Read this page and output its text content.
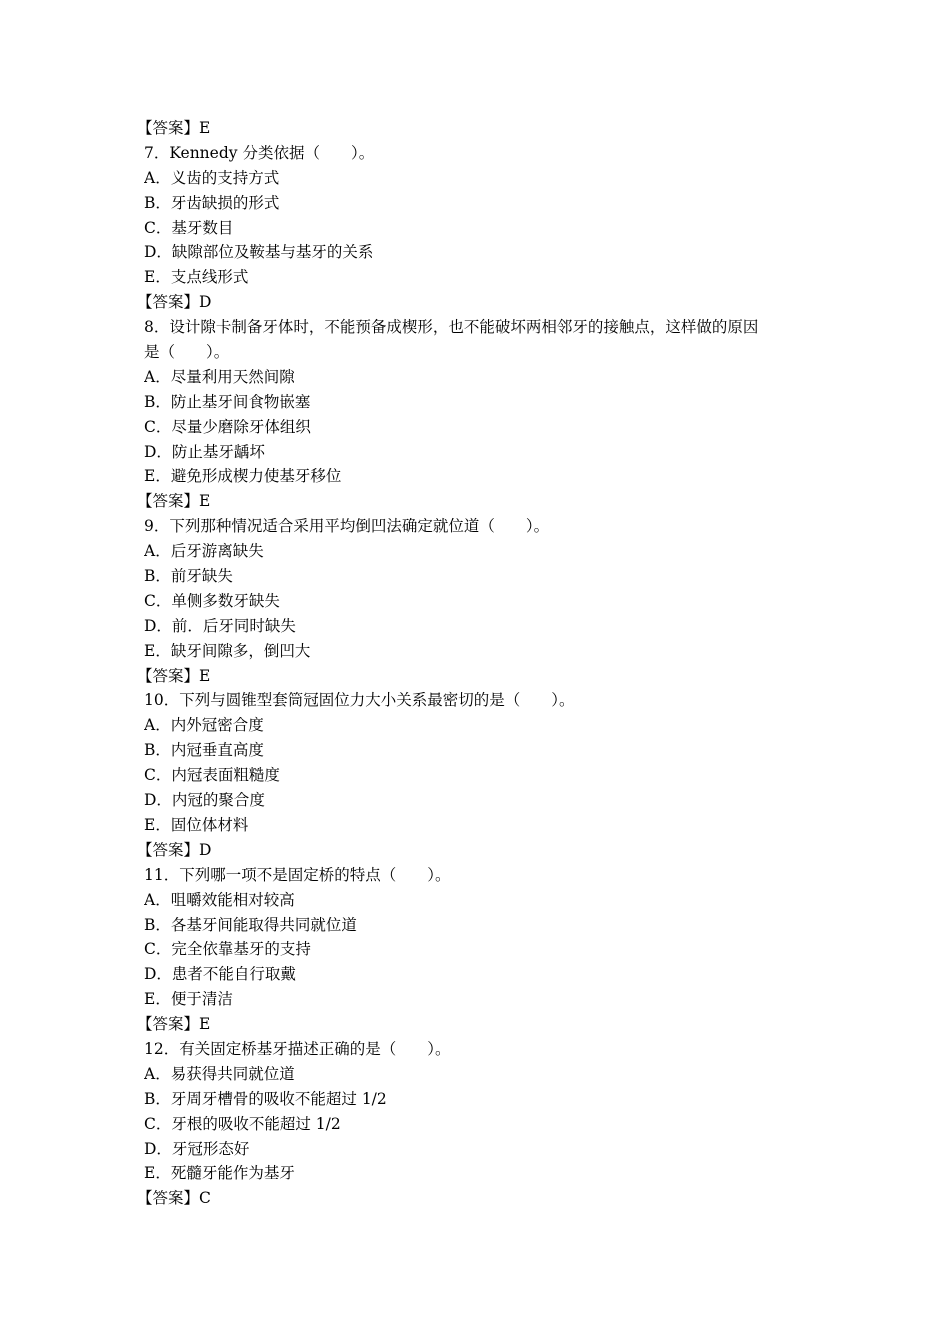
【答案】E
7．Kennedy 分类依据（　　）。
A．义齿的支持方式
B．牙齿缺损的形式
C．基牙数目
D．缺隙部位及鞍基与基牙的关系
E．支点线形式
【答案】D
8．设计隙卡制备牙体时，不能预备成楔形，也不能破坏两相邻牙的接触点，这样做的原因
是（　　）。
A．尽量利用天然间隙
B．防止基牙间食物嵌塞
C．尽量少磨除牙体组织
D．防止基牙龋坏
E．避免形成楔力使基牙移位
【答案】E
9．下列那种情况适合采用平均倒凹法确定就位道（　　）。
A．后牙游离缺失
B．前牙缺失
C．单侧多数牙缺失
D．前．后牙同时缺失
E．缺牙间隙多，倒凹大
【答案】E
10．下列与圆锥型套筒冠固位力大小关系最密切的是（　　）。
A．内外冠密合度
B．内冠垂直高度
C．内冠表面粗糙度
D．内冠的聚合度
E．固位体材料
【答案】D
11．下列哪一项不是固定桥的特点（　　）。
A．咀嚼效能相对较高
B．各基牙间能取得共同就位道
C．完全依靠基牙的支持
D．患者不能自行取戴
E．便于清洁
【答案】E
12．有关固定桥基牙描述正确的是（　　）。
A．易获得共同就位道
B．牙周牙槽骨的吸收不能超过 1/2
C．牙根的吸收不能超过 1/2
D．牙冠形态好
E．死髓牙能作为基牙
【答案】C
